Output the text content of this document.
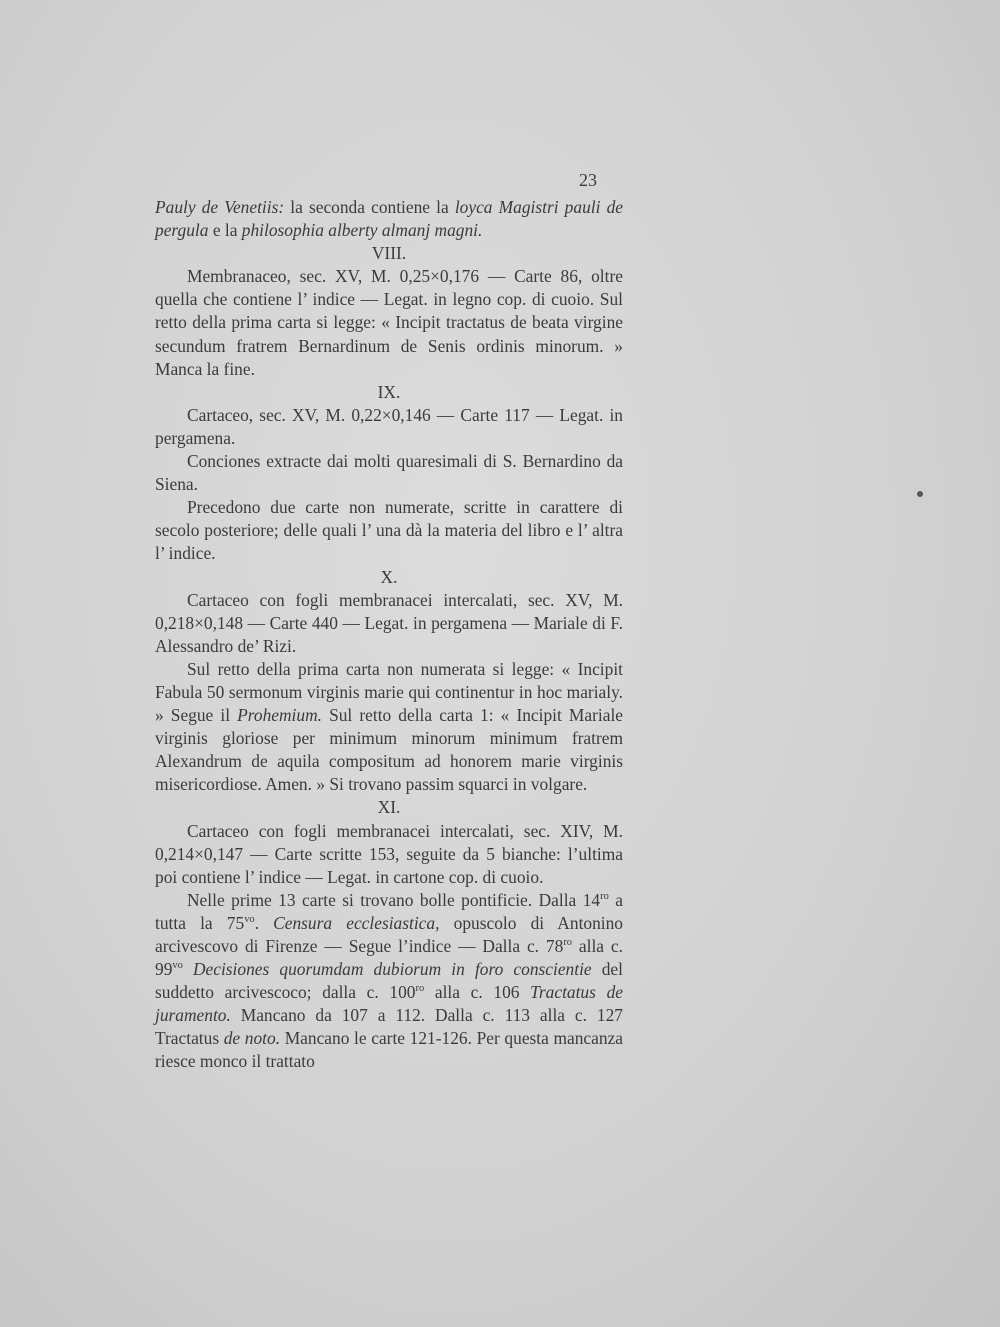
23

Pauly de Venetiis: la seconda contiene la loyca Magistri pauli de pergula e la philosophia alberty almanj magni.

VIII.

Membranaceo, sec. XV, M. 0,25×0,176 — Carte 86, oltre quella che contiene l’ indice — Legat. in legno cop. di cuoio. Sul retto della prima carta si legge: « Incipit tractatus de beata virgine secundum fratrem Bernardinum de Senis ordinis minorum. » Manca la fine.

IX.

Cartaceo, sec. XV, M. 0,22×0,146 — Carte 117 — Legat. in pergamena.

Conciones extracte dai molti quaresimali di S. Bernardino da Siena.

Precedono due carte non numerate, scritte in carattere di secolo posteriore; delle quali l’ una dà la materia del libro e l’ altra l’ indice.

X.

Cartaceo con fogli membranacei intercalati, sec. XV, M. 0,218×0,148 — Carte 440 — Legat. in pergamena — Mariale di F. Alessandro de’ Rizi.

Sul retto della prima carta non numerata si legge: « Incipit Fabula 50 sermonum virginis marie qui continentur in hoc marialy. » Segue il Prohemium. Sul retto della carta 1: « Incipit Mariale virginis gloriose per minimum minorum minimum fratrem Alexandrum de aquila compositum ad honorem marie virginis misericordiose. Amen. » Si trovano passim squarci in volgare.

XI.

Cartaceo con fogli membranacei intercalati, sec. XIV, M. 0,214×0,147 — Carte scritte 153, seguite da 5 bianche: l’ultima poi contiene l’ indice — Legat. in cartone cop. di cuoio.

Nelle prime 13 carte si trovano bolle pontificie. Dalla $14^{ro}$ a tutta la $75^{vo}$. Censura ecclesiastica, opuscolo di Antonino arcivescovo di Firenze — Segue l’indice — Dalla c. $78^{ro}$ alla c. $99^{vo}$ Decisiones quorumdam dubiorum in foro conscientie del suddetto arcivescoco; dalla c. $100^{ro}$ alla c. 106 Tractatus de juramento. Mancano da 107 a 112. Dalla c. 113 alla c. 127 Tractatus de noto. Mancano le carte 121-126. Per questa mancanza riesce monco il trattato
